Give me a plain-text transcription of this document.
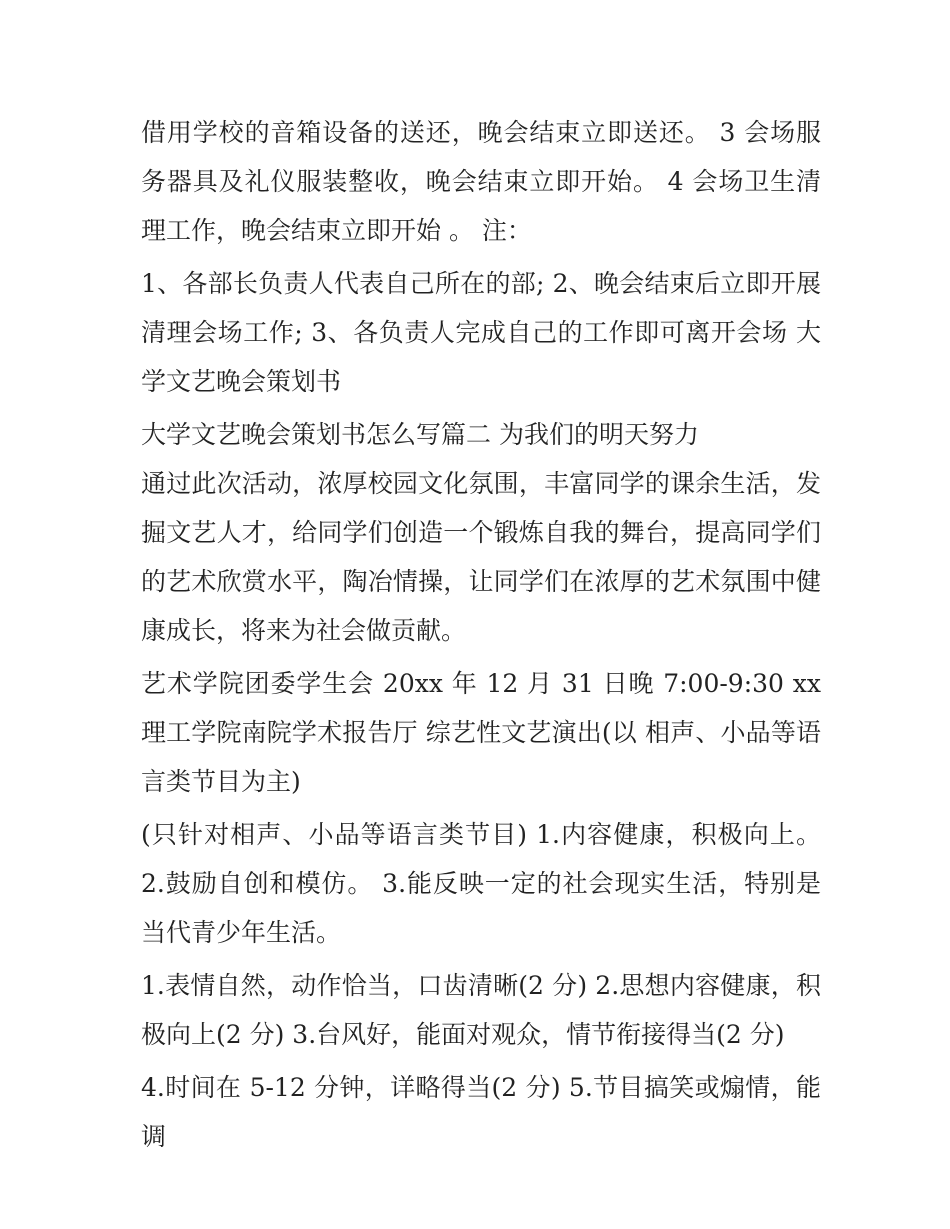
借用学校的音箱设备的送还，晚会结束立即送还。 3 会场服务器具及礼仪服装整收，晚会结束立即开始。 4 会场卫生清理工作，晚会结束立即开始 。 注：

1、各部长负责人代表自己所在的部; 2、晚会结束后立即开展清理会场工作; 3、各负责人完成自己的工作即可离开会场 大学文艺晚会策划书

大学文艺晚会策划书怎么写篇二 为我们的明天努力

通过此次活动，浓厚校园文化氛围，丰富同学的课余生活，发掘文艺人才，给同学们创造一个锻炼自我的舞台，提高同学们的艺术欣赏水平，陶冶情操，让同学们在浓厚的艺术氛围中健康成长，将来为社会做贡献。

艺术学院团委学生会 20xx 年 12 月 31 日晚 7:00-9:30 xx 理工学院南院学术报告厅 综艺性文艺演出(以 相声、小品等语言类节目为主)

(只针对相声、小品等语言类节目) 1.内容健康，积极向上。 2.鼓励自创和模仿。 3.能反映一定的社会现实生活，特别是当代青少年生活。

1.表情自然，动作恰当，口齿清晰(2 分) 2.思想内容健康，积极向上(2 分) 3.台风好，能面对观众，情节衔接得当(2 分)

4.时间在 5-12 分钟，详略得当(2 分) 5.节目搞笑或煽情，能调
